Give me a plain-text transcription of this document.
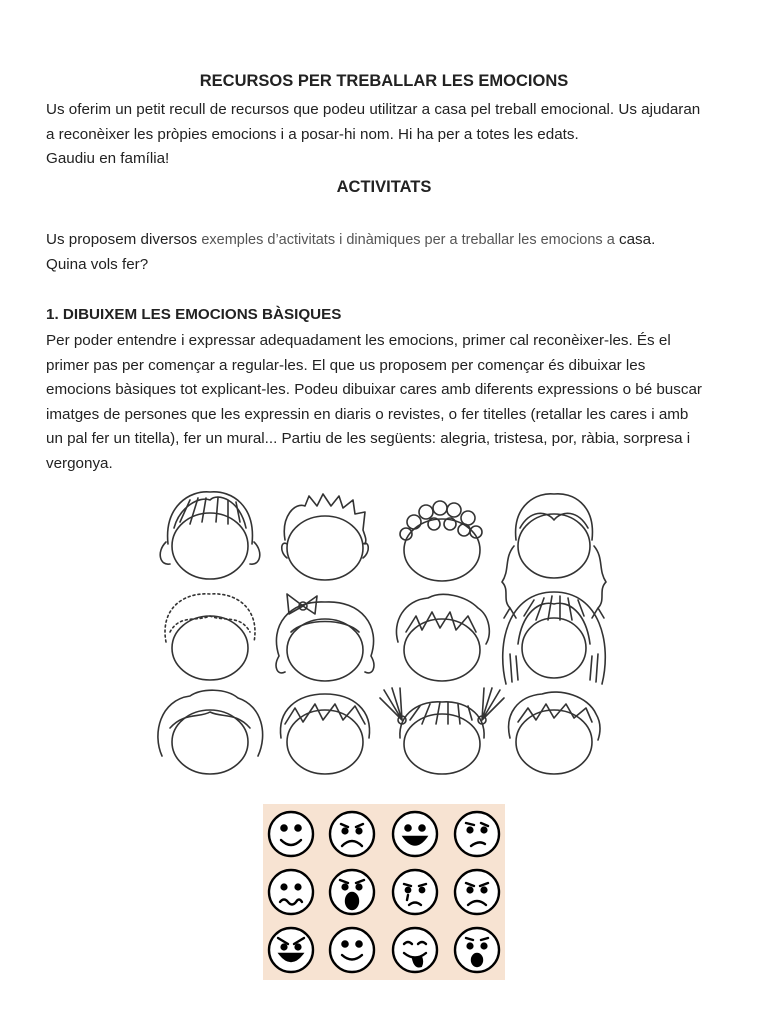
RECURSOS PER TREBALLAR LES EMOCIONS
Us oferim un petit recull de recursos que podeu utilitzar a casa pel treball emocional. Us ajudaran
a reconèixer les pròpies emocions i a posar-hi nom. Hi ha per a totes les edats.
Gaudiu en família!
ACTIVITATS
Us proposem diversos exemples d’activitats i dinàmiques per a treballar les emocions a casa.
Quina vols fer?
1. DIBUIXEM LES EMOCIONS BÀSIQUES
Per poder entendre i expressar adequadament les emocions, primer cal reconèixer-les. És el
primer pas per començar a regular-les. El que us proposem per començar és dibuixar les
emocions bàsiques tot explicant-les. Podeu dibuixar cares amb diferents expressions o bé buscar
imatges de persones que les expressin en diaris o revistes, o fer titelles (retallar les cares i amb
un pal fer un titella), fer un mural... Partiu de les següents: alegria, tristesa, por, ràbia, sorpresa i
vergonya.
